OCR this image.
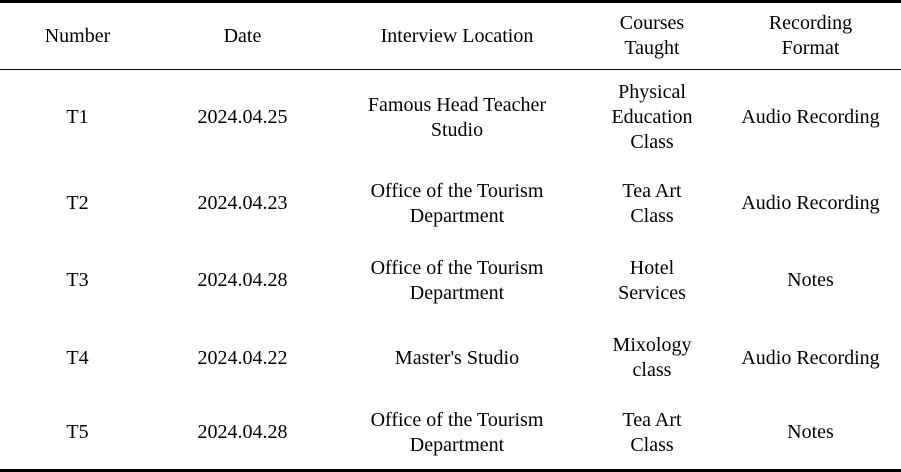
Number	Date	Interview Location	Courses Taught	Recording Format
T1	2024.04.25	Famous Head Teacher Studio	Physical Education Class	Audio Recording
T2	2024.04.23	Office of the Tourism Department	Tea Art Class	Audio Recording
T3	2024.04.28	Office of the Tourism Department	Hotel Services	Notes
T4	2024.04.22	Master's Studio	Mixology class	Audio Recording
T5	2024.04.28	Office of the Tourism Department	Tea Art Class	Notes
